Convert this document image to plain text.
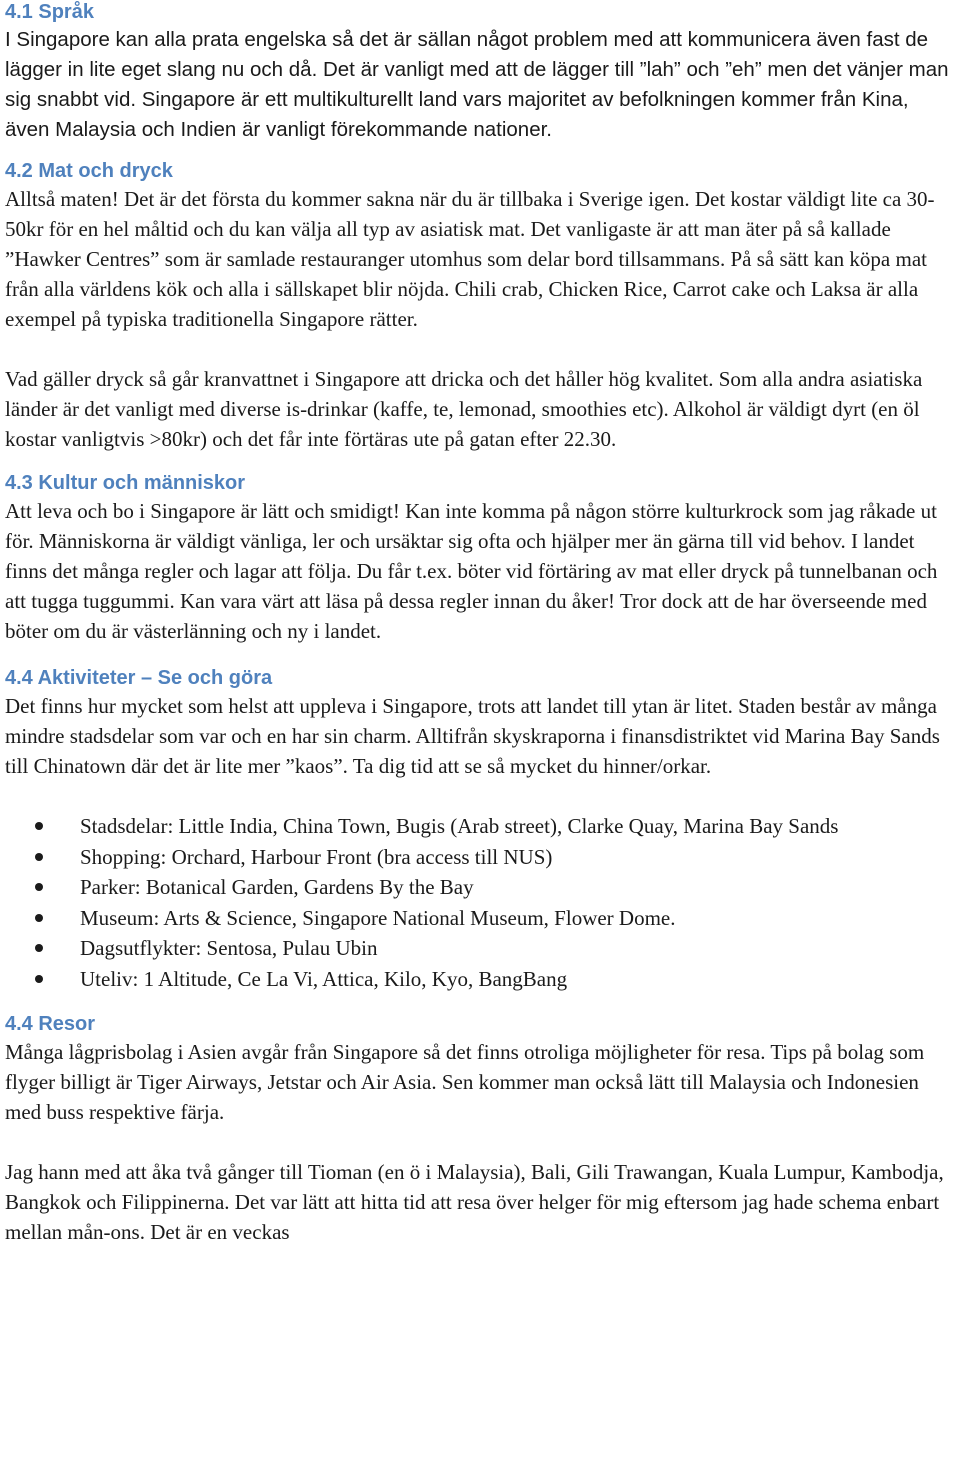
4.1 Språk

I Singapore kan alla prata engelska så det är sällan något problem med att kommunicera även fast de lägger in lite eget slang nu och då. Det är vanligt med att de lägger till ”lah” och ”eh” men det vänjer man sig snabbt vid. Singapore är ett multikulturellt land vars majoritet av befolkningen kommer från Kina, även Malaysia och Indien är vanligt förekommande nationer.

4.2 Mat och dryck

Alltså maten! Det är det första du kommer sakna när du är tillbaka i Sverige igen. Det kostar väldigt lite ca 30-50kr för en hel måltid och du kan välja all typ av asiatisk mat. Det vanligaste är att man äter på så kallade ”Hawker Centres” som är samlade restauranger utomhus som delar bord tillsammans. På så sätt kan köpa mat från alla världens kök och alla i sällskapet blir nöjda. Chili crab, Chicken Rice, Carrot cake och Laksa är alla exempel på typiska traditionella Singapore rätter.

Vad gäller dryck så går kranvattnet i Singapore att dricka och det håller hög kvalitet. Som alla andra asiatiska länder är det vanligt med diverse is-drinkar (kaffe, te, lemonad, smoothies etc). Alkohol är väldigt dyrt (en öl kostar vanligtvis >80kr) och det får inte förtäras ute på gatan efter 22.30.

4.3 Kultur och människor

Att leva och bo i Singapore är lätt och smidigt! Kan inte komma på någon större kulturkrock som jag råkade ut för. Människorna är väldigt vänliga, ler och ursäktar sig ofta och hjälper mer än gärna till vid behov. I landet finns det många regler och lagar att följa. Du får t.ex. böter vid förtäring av mat eller dryck på tunnelbanan och att tugga tuggummi. Kan vara värt att läsa på dessa regler innan du åker! Tror dock att de har överseende med böter om du är västerlänning och ny i landet.

4.4 Aktiviteter – Se och göra

Det finns hur mycket som helst att uppleva i Singapore, trots att landet till ytan är litet. Staden består av många mindre stadsdelar som var och en har sin charm. Alltifrån skyskraporna i finansdistriktet vid Marina Bay Sands till Chinatown där det är lite mer ”kaos”. Ta dig tid att se så mycket du hinner/orkar.

Stadsdelar: Little India, China Town, Bugis (Arab street), Clarke Quay, Marina Bay Sands
Shopping: Orchard, Harbour Front (bra access till NUS)
Parker: Botanical Garden, Gardens By the Bay
Museum: Arts & Science, Singapore National Museum, Flower Dome.
Dagsutflykter: Sentosa, Pulau Ubin
Uteliv: 1 Altitude, Ce La Vi, Attica, Kilo, Kyo, BangBang
4.4 Resor

Många lågprisbolag i Asien avgår från Singapore så det finns otroliga möjligheter för resa. Tips på bolag som flyger billigt är Tiger Airways, Jetstar och Air Asia. Sen kommer man också lätt till Malaysia och Indonesien med buss respektive färja.

Jag hann med att åka två gånger till Tioman (en ö i Malaysia), Bali, Gili Trawangan, Kuala Lumpur, Kambodja, Bangkok och Filippinerna. Det var lätt att hitta tid att resa över helger för mig eftersom jag hade schema enbart mellan mån-ons. Det är en veckas
